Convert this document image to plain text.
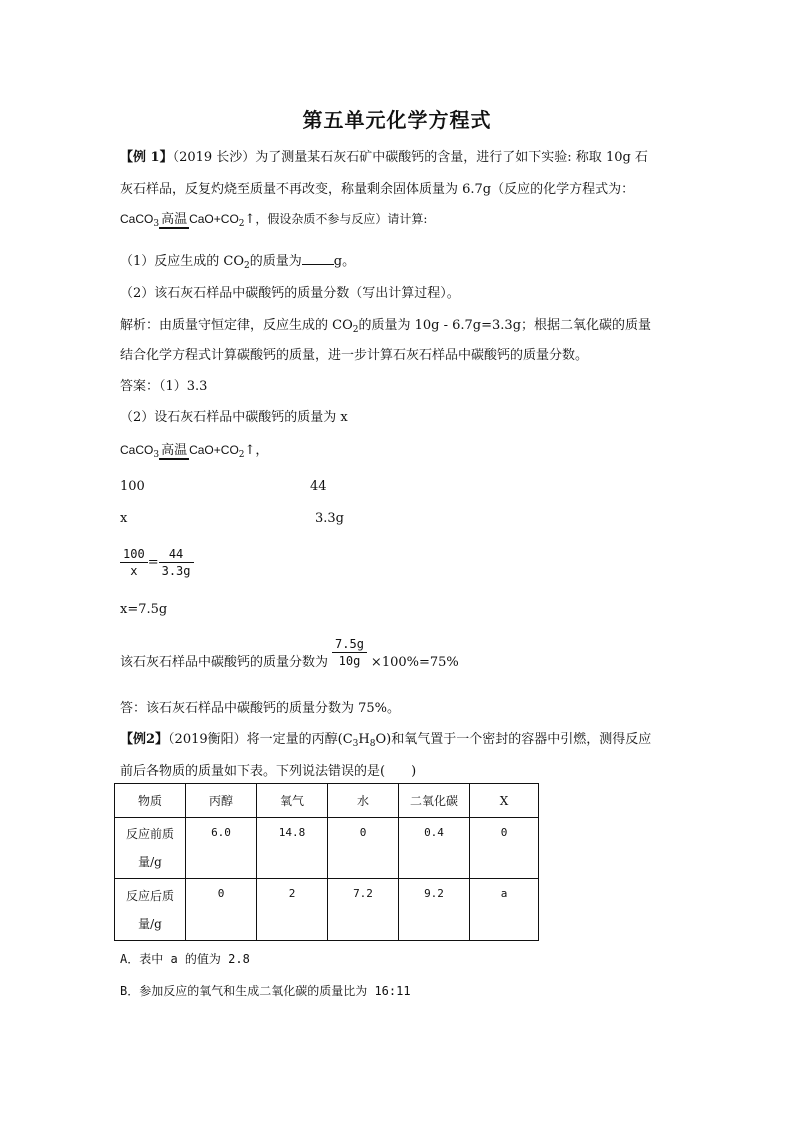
第五单元化学方程式
【例 1】（2019 长沙）为了测量某石灰石矿中碳酸钙的含量，进行了如下实验: 称取 10g 石
灰石样品，反复灼烧至质量不再改变，称量剩余固体质量为 6.7g（反应的化学方程式为：
CaCO$_3$ 高温 $CaO+CO_2↑$，假设杂质不参与反应）请计算:
（1）反应生成的 $CO_2$的质量为 g。
（2）该石灰石样品中碳酸钙的质量分数（写出计算过程）。
解析：由质量守恒定律，反应生成的 $CO_2$的质量为 10g - 6.7g=3.3g；根据二氧化碳的质量
结合化学方程式计算碳酸钙的质量，进一步计算石灰石样品中碳酸钙的质量分数。
答案：（1）3.3
（2）设石灰石样品中碳酸钙的质量为 x
CaCO$_3$ 高温 $CaO+CO_2↑$，
100	44
x	3.3g
$\frac{100}{x} = \frac{44}{3.3g}$
x=7.5g
该石灰石样品中碳酸钙的质量分数为 $\frac{7.5g}{10g} \times 100\%=75\%$
答：该石灰石样品中碳酸钙的质量分数为 75%。
【例2】（2019衡阳）将一定量的丙醇$(C_3H_8O)$和氧气置于一个密封的容器中引燃，测得反应
前后各物质的质量如下表。下列说法错误的是(　　)
物质	丙醇	氧气	水	二氧化碳	X
反应前质
量/g	6.0	14.8	0	0.4	0
反应后质
量/g	0	2	7.2	9.2	a
A．表中 a 的值为 2.8
B．参加反应的氧气和生成二氧化碳的质量比为 16:11
